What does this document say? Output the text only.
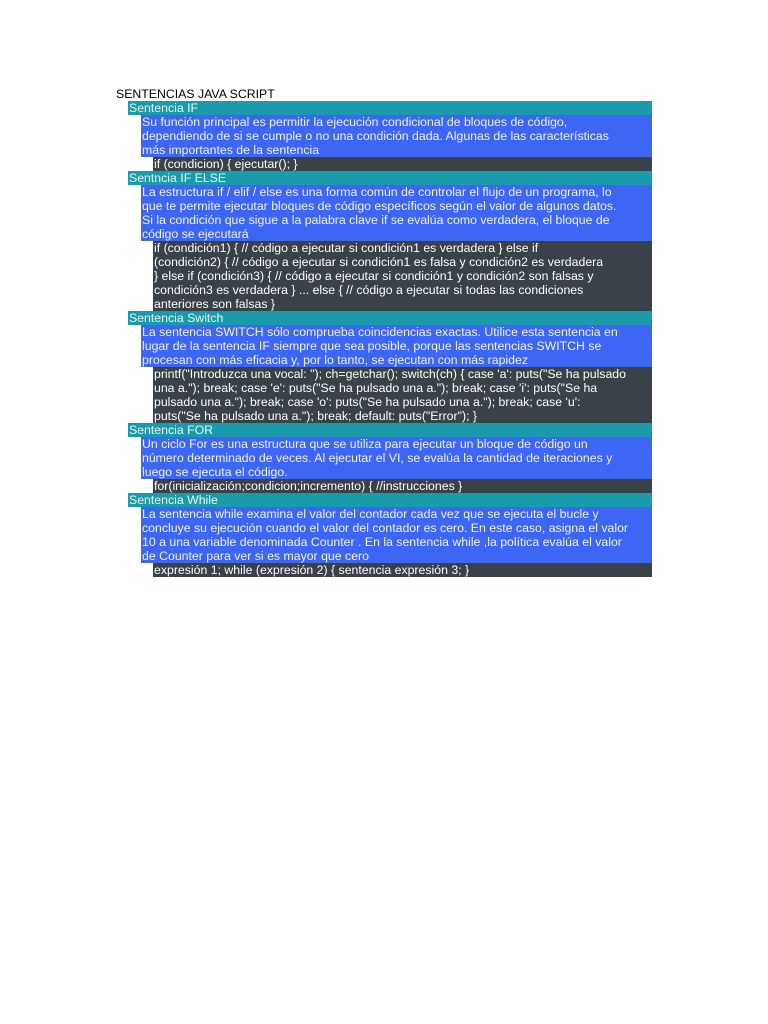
SENTENCIAS JAVA SCRIPT
Sentencia IF
Su función principal es permitir la ejecución condicional de bloques de código,
dependiendo de si se cumple o no una condición dada. Algunas de las características
más importantes de la sentencia
if (condicion) { ejecutar(); }
Sentncia IF ELSE
La estructura if / elif / else es una forma común de controlar el flujo de un programa, lo
que te permite ejecutar bloques de código específicos según el valor de algunos datos.
Si la condición que sigue a la palabra clave if se evalúa como verdadera, el bloque de
código se ejecutará
if (condición1) { // código a ejecutar si condición1 es verdadera } else if
(condición2) { // código a ejecutar si condición1 es falsa y condición2 es verdadera
} else if (condición3) { // código a ejecutar si condición1 y condición2 son falsas y
condición3 es verdadera } ... else { // código a ejecutar si todas las condiciones
anteriores son falsas }
Sentencia Switch
La sentencia SWITCH sólo comprueba coincidencias exactas. Utilice esta sentencia en
lugar de la sentencia IF siempre que sea posible, porque las sentencias SWITCH se
procesan con más eficacia y, por lo tanto, se ejecutan con más rapidez
printf("Introduzca una vocal: "); ch=getchar(); switch(ch) { case 'a': puts("Se ha pulsado
una a."); break; case 'e': puts("Se ha pulsado una a."); break; case 'i': puts("Se ha
pulsado una a."); break; case 'o': puts("Se ha pulsado una a."); break; case 'u':
puts("Se ha pulsado una a."); break; default: puts("Error"); }
Sentencia FOR
Un ciclo For es una estructura que se utiliza para ejecutar un bloque de código un
número determinado de veces. Al ejecutar el VI, se evalúa la cantidad de iteraciones y
luego se ejecuta el código.
for(inicialización;condicion;incremento) { //instrucciones }
Sentencia While
La sentencia while examina el valor del contador cada vez que se ejecuta el bucle y
concluye su ejecución cuando el valor del contador es cero. En este caso, asigna el valor
10 a una variable denominada Counter . En la sentencia while ,la política evalúa el valor
de Counter para ver si es mayor que cero
expresión 1; while (expresión 2) { sentencia expresión 3; }
